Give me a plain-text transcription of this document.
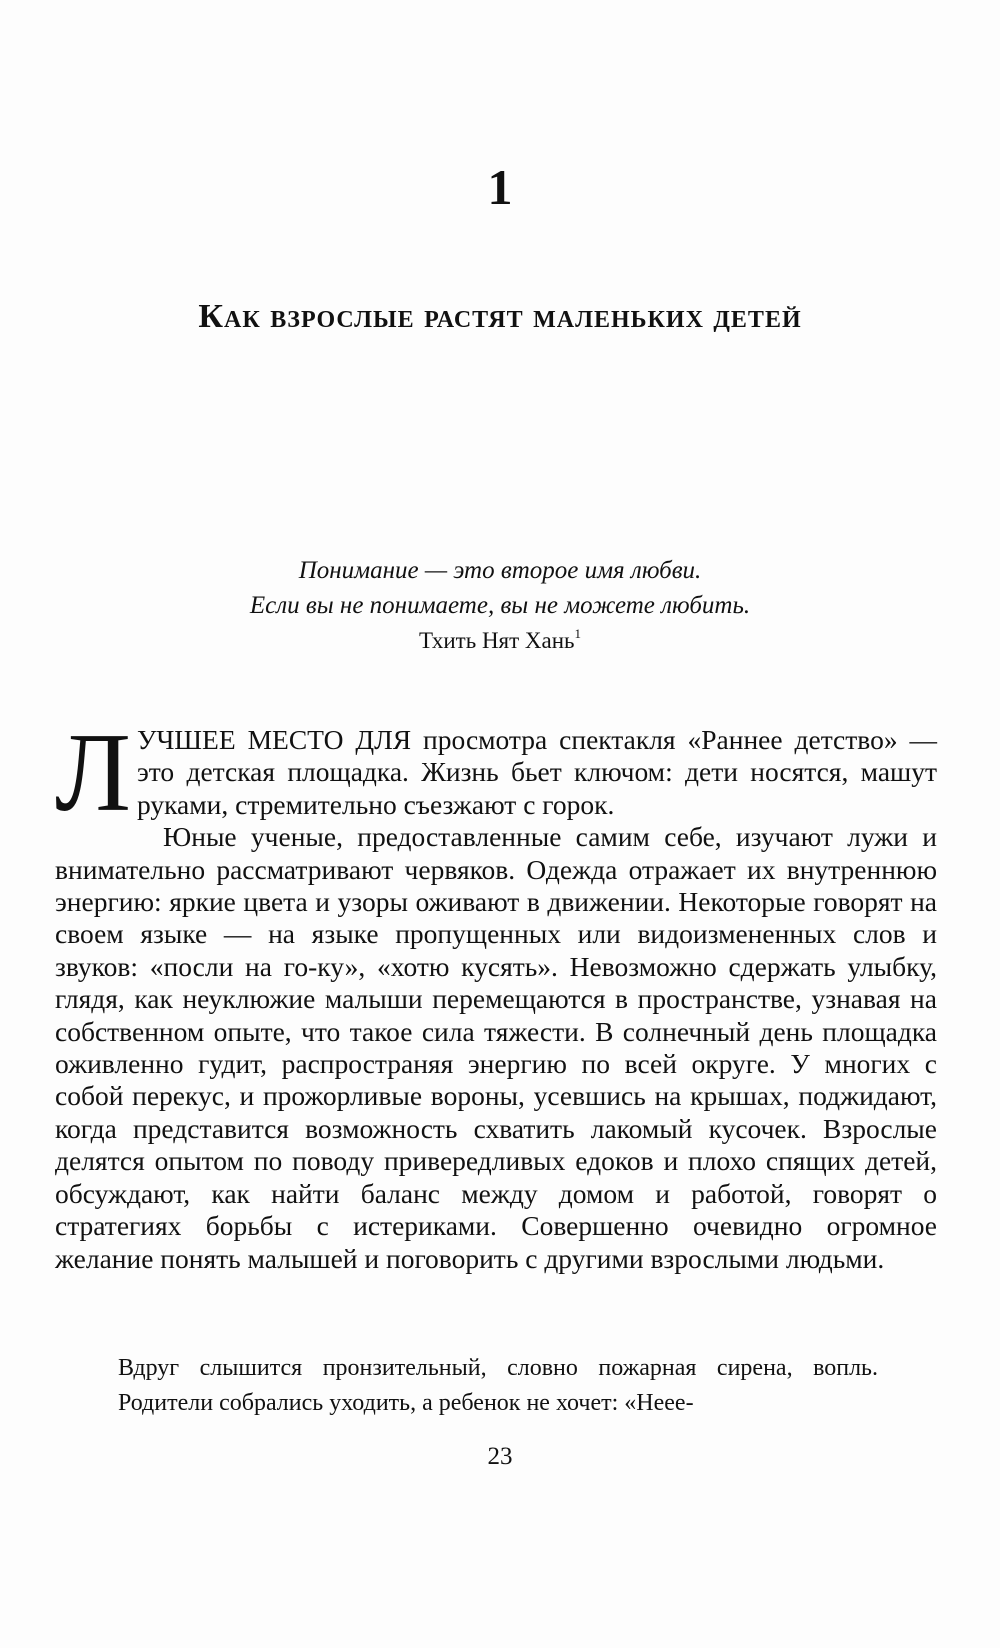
1
Как взрослые растят маленьких детей
Понимание — это второе имя любви.
Если вы не понимаете, вы не можете любить.
Тхить Нят Хань$^1$
ЛУЧШЕЕ МЕСТО ДЛЯ просмотра спектакля «Раннее детство» — это детская площадка. Жизнь бьет ключом: дети носятся, машут руками, стремительно съезжают с горок.
Юные ученые, предоставленные самим себе, изучают лужи и внимательно рассматривают червяков. Одежда отражает их внутреннюю энергию: яркие цвета и узоры оживают в движении. Некоторые говорят на своем языке — на языке пропущенных или видоизмененных слов и звуков: «посли на го-ку», «хотю кусять». Невозможно сдержать улыбку, глядя, как неуклюжие малыши перемещаются в пространстве, узнавая на собственном опыте, что такое сила тяжести. В солнечный день площадка оживленно гудит, распространяя энергию по всей округе. У многих с собой перекус, и прожорливые вороны, усевшись на крышах, поджидают, когда представится возможность схватить лакомый кусочек. Взрослые делятся опытом по поводу привередливых едоков и плохо спящих детей, обсуждают, как найти баланс между домом и работой, говорят о стратегиях борьбы с истериками. Совершенно очевидно огромное желание понять малышей и поговорить с другими взрослыми людьми.

Вдруг слышится пронзительный, словно пожарная сирена, вопль. Родители собрались уходить, а ребенок не хочет: «Неее-

23
